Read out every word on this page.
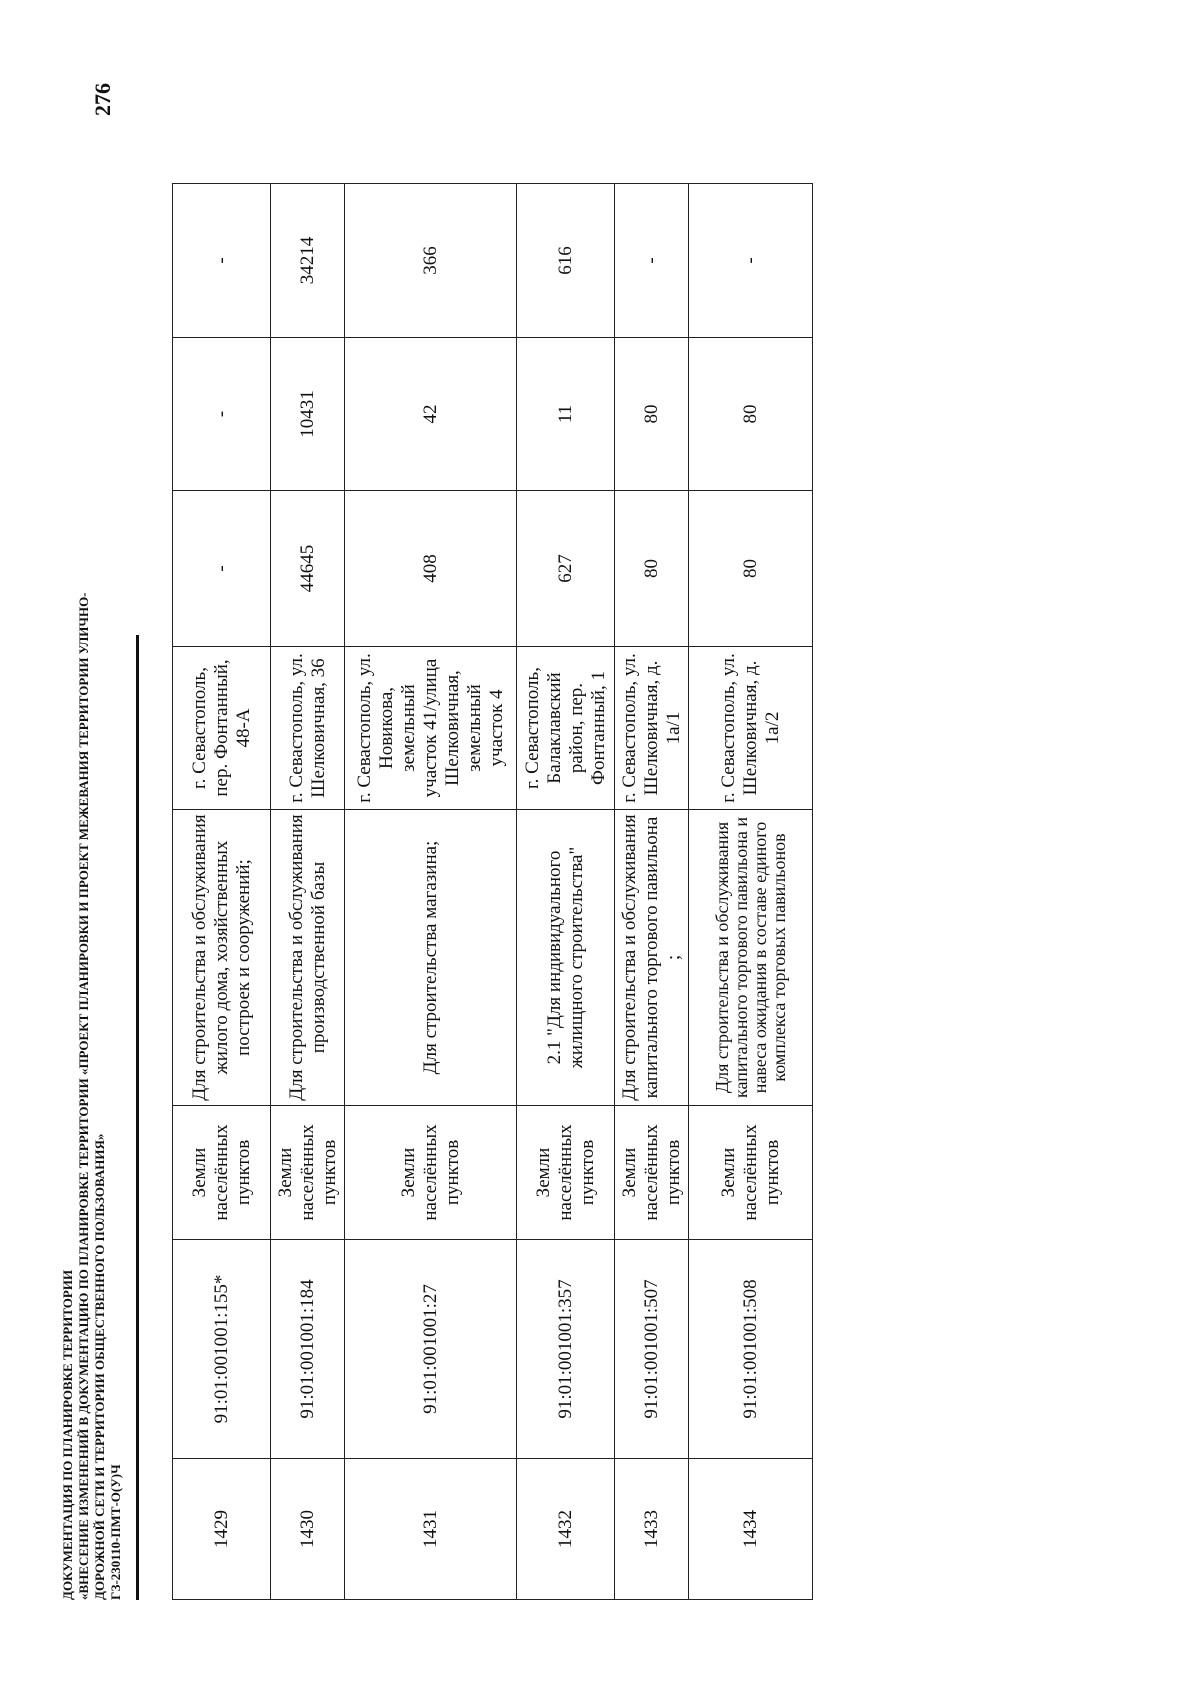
ДОКУМЕНТАЦИЯ ПО ПЛАНИРОВКЕ ТЕРРИТОРИИ «ВНЕСЕНИЕ ИЗМЕНЕНИЙ В ДОКУМЕНТАЦИЮ ПО ПЛАНИРОВКЕ ТЕРРИТОРИИ «ПРОЕКТ ПЛАНИРОВКИ И ПРОЕКТ МЕЖЕВАНИЯ ТЕРРИТОРИИ УЛИЧНО- ДОРОЖНОЙ СЕТИ И ТЕРРИТОРИИ ОБЩЕСТВЕННОГО ПОЛЬЗОВАНИЯ» ГЗ-230110-ПМТ-О(У)Ч
276
1429	91:01:001001:155*	Земли населённых пунктов	Для строительства и обслуживания жилого дома, хозяйственных построек и сооружений;	г. Севастополь, пер. Фонтанный, 48-А	-	-	-
1430	91:01:001001:184	Земли населённых пунктов	Для строительства и обслуживания производственной базы	г. Севастополь, ул. Шелковичная, 36	44645	10431	34214
1431	91:01:001001:27	Земли населённых пунктов	Для строительства магазина;	г. Севастополь, ул. Новикова, земельный участок 41/улица Шелковичная, земельный участок 4	408	42	366
1432	91:01:001001:357	Земли населённых пунктов	2.1 "Для индивидуального жилищного строительства"	г. Севастополь, Балаклавский район, пер. Фонтанный, 1	627	11	616
1433	91:01:001001:507	Земли населённых пунктов	Для строительства и обслуживания капитального торгового павильона ;	г. Севастополь, ул. Шелковичная, д. 1а/1	80	80	-
1434	91:01:001001:508	Земли населённых пунктов	Для строительства и обслуживания капитального торгового павильона и навеса ожидания в составе единого комплекса торговых павильонов	г. Севастополь, ул. Шелковичная, д. 1а/2	80	80	-
